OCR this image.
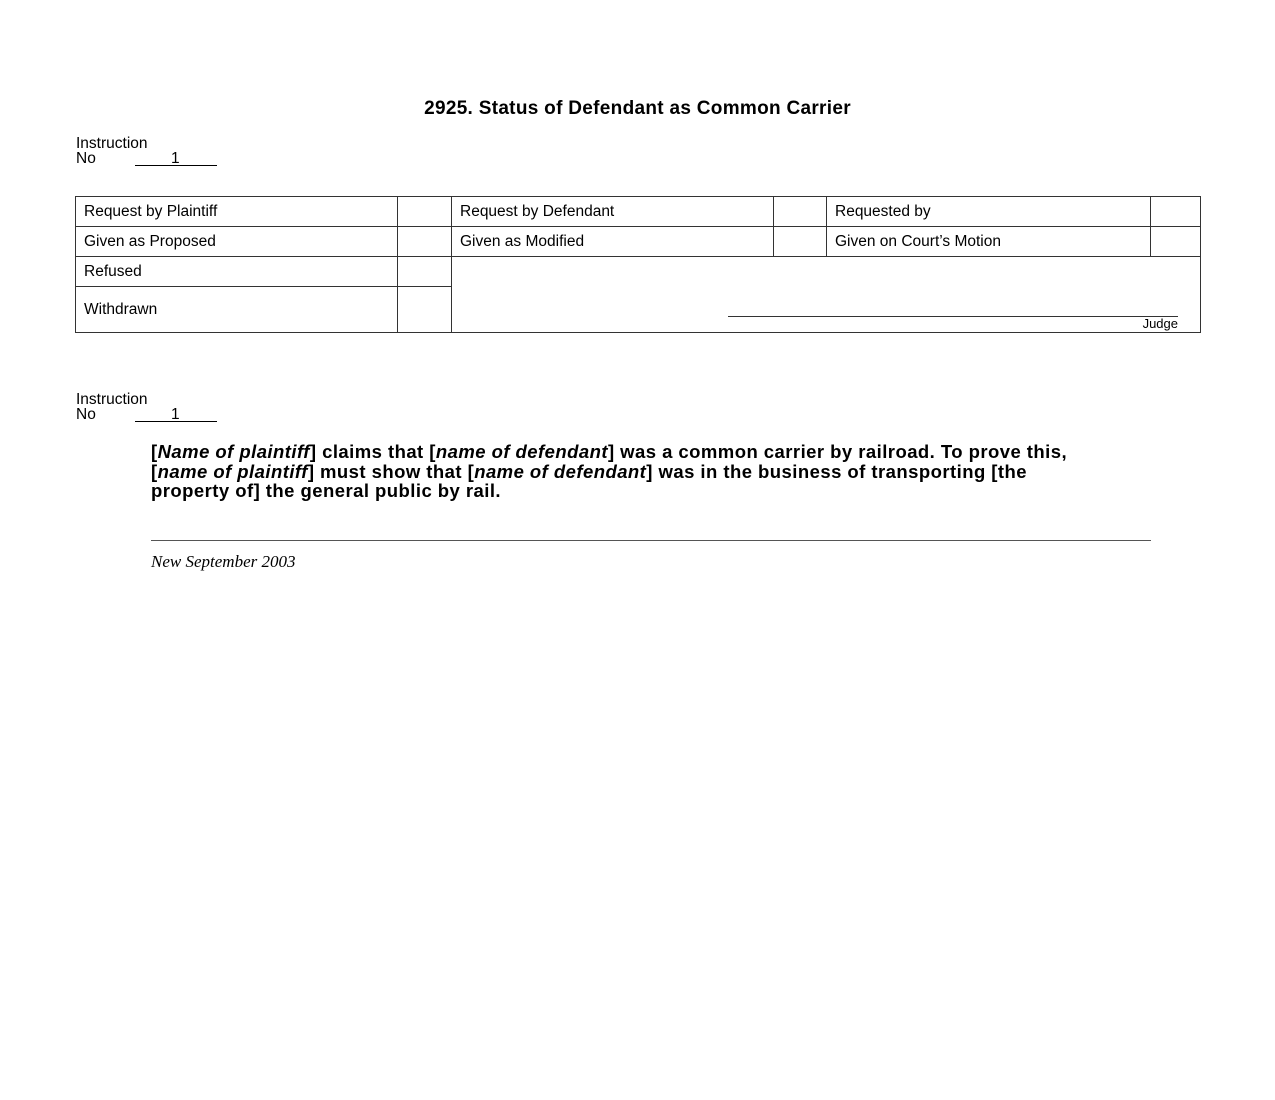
2925. Status of Defendant as Common Carrier
Instruction
No	1
Request by Plaintiff		Request by Defendant		Requested by	
Given as Proposed		Given as Modified		Given on Court’s Motion	
Refused		Judge			

Withdrawn					
Instruction
No	1
[Name of plaintiff] claims that [name of defendant] was a common carrier by railroad. To prove this, [name of plaintiff] must show that [name of defendant] was in the business of transporting [the property of] the general public by rail.
New September 2003
